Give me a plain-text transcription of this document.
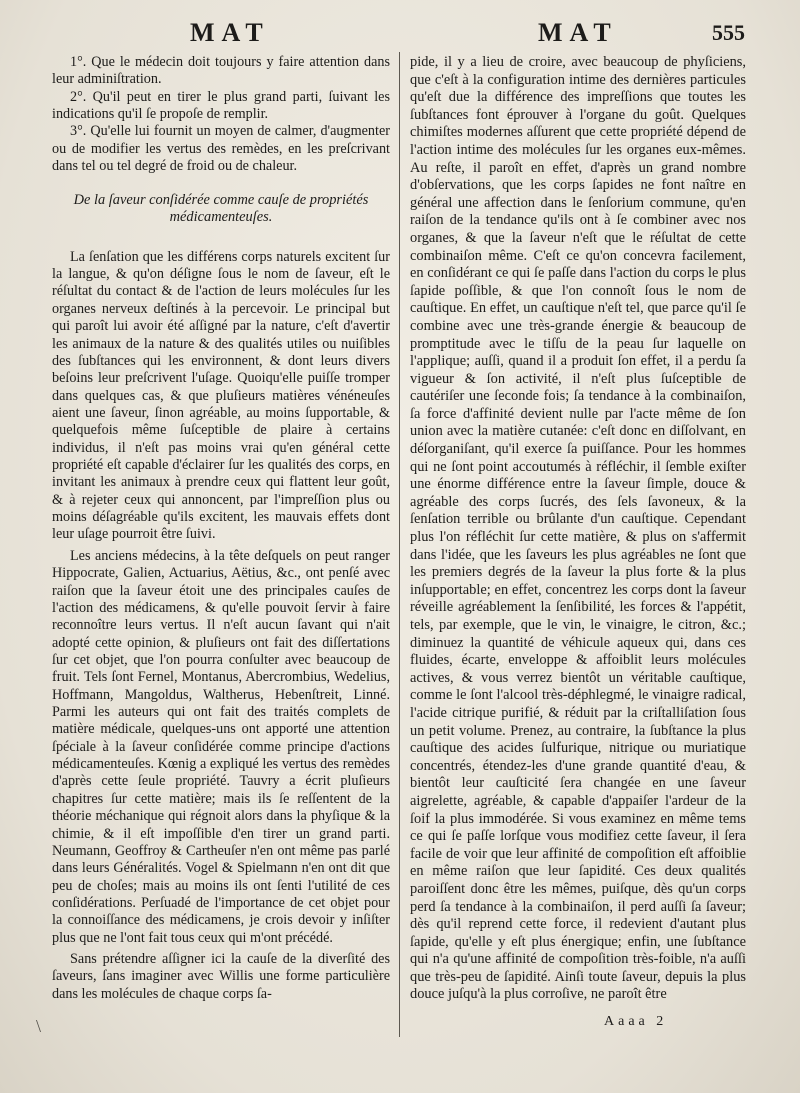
MAT	MAT	555

1°. Que le médecin doit toujours y faire attention dans leur adminiſtration.

2°. Qu'il peut en tirer le plus grand parti, ſuivant les indications qu'il ſe propoſe de remplir.

3°. Qu'elle lui fournit un moyen de calmer, d'augmenter ou de modifier les vertus des remèdes, en les preſcrivant dans tel ou tel degré de froid ou de chaleur.

De la ſaveur conſidérée comme cauſe de propriétés médicamenteuſes.

La ſenſation que les différens corps naturels excitent ſur la langue, & qu'on déſigne ſous le nom de ſaveur, eſt le réſultat du contact & de l'action de leurs molécules ſur les organes nerveux deſtinés à la percevoir. Le principal but qui paroît lui avoir été aſſigné par la nature, c'eſt d'avertir les animaux de la nature & des qualités utiles ou nuiſibles des ſubſtances qui les environnent, & dont leurs divers beſoins leur preſcrivent l'uſage. Quoiqu'elle puiſſe tromper dans quelques cas, & que pluſieurs matières vénéneuſes aient une ſaveur, ſinon agréable, au moins ſupportable, & quelquefois même ſuſceptible de plaire à certains individus, il n'eſt pas moins vrai qu'en général cette propriété eſt capable d'éclairer ſur les qualités des corps, en invitant les animaux à prendre ceux qui flattent leur goût, & à rejeter ceux qui annoncent, par l'impreſſion plus ou moins déſagréable qu'ils excitent, les mauvais effets dont leur uſage pourroit être ſuivi.

Les anciens médecins, à la tête deſquels on peut ranger Hippocrate, Galien, Actuarius, Aëtius, &c., ont penſé avec raiſon que la ſaveur étoit une des principales cauſes de l'action des médicamens, & qu'elle pouvoit ſervir à faire reconnoître leurs vertus. Il n'eſt aucun ſavant qui n'ait adopté cette opinion, & pluſieurs ont fait des diſſertations ſur cet objet, que l'on pourra conſulter avec beaucoup de fruit. Tels ſont Fernel, Montanus, Abercrombius, Wedelius, Hoffmann, Mangoldus, Waltherus, Hebenſtreit, Linné. Parmi les auteurs qui ont fait des traités complets de matière médicale, quelques-uns ont apporté une attention ſpéciale à la ſaveur conſidérée comme principe d'actions médicamenteuſes. Kœnig a expliqué les vertus des remèdes d'après cette ſeule propriété. Tauvry a écrit pluſieurs chapitres ſur cette matière; mais ils ſe reſſentent de la théorie méchanique qui régnoit alors dans la phyſique & la chimie, & il eſt impoſſible d'en tirer un grand parti. Neumann, Geoffroy & Cartheuſer n'en ont même pas parlé dans leurs Généralités. Vogel & Spielmann n'en ont dit que peu de choſes; mais au moins ils ont ſenti l'utilité de ces conſidérations. Perſuadé de l'importance de cet objet pour la connoiſſance des médicamens, je crois devoir y inſiſter plus que ne l'ont fait tous ceux qui m'ont précédé.

Sans prétendre aſſigner ici la cauſe de la diverſité des ſaveurs, ſans imaginer avec Willis une forme particulière dans les molécules de chaque corps ſa-

pide, il y a lieu de croire, avec beaucoup de phyſiciens, que c'eſt à la configuration intime des dernières particules qu'eſt due la différence des impreſſions que toutes les ſubſtances font éprouver à l'organe du goût. Quelques chimiſtes modernes aſſurent que cette propriété dépend de l'action intime des molécules ſur les organes eux-mêmes. Au reſte, il paroît en effet, d'après un grand nombre d'obſervations, que les corps ſapides ne font naître en général une affection dans le ſenſorium commune, qu'en raiſon de la tendance qu'ils ont à ſe combiner avec nos organes, & que la ſaveur n'eſt que le réſultat de cette combinaiſon même. C'eſt ce qu'on concevra facilement, en conſidérant ce qui ſe paſſe dans l'action du corps le plus ſapide poſſible, & que l'on connoît ſous le nom de cauſtique. En effet, un cauſtique n'eſt tel, que parce qu'il ſe combine avec une très-grande énergie & beaucoup de promptitude avec le tiſſu de la peau ſur laquelle on l'applique; auſſi, quand il a produit ſon effet, il a perdu ſa vigueur & ſon activité, il n'eſt plus ſuſceptible de cautériſer une ſeconde fois; ſa tendance à la combinaiſon, ſa force d'affinité devient nulle par l'acte même de ſon union avec la matière cutanée: c'eſt donc en diſſolvant, en déſorganiſant, qu'il exerce ſa puiſſance. Pour les hommes qui ne ſont point accoutumés à réfléchir, il ſemble exiſter une énorme différence entre la ſaveur ſimple, douce & agréable des corps ſucrés, des ſels ſavoneux, & la ſenſation terrible ou brûlante d'un cauſtique. Cependant plus l'on réfléchit ſur cette matière, & plus on s'affermit dans l'idée, que les ſaveurs les plus agréables ne ſont que les premiers degrés de la ſaveur la plus forte & la plus inſupportable; en effet, concentrez les corps dont la ſaveur réveille agréablement la ſenſibilité, les forces & l'appétit, tels, par exemple, que le vin, le vinaigre, le citron, &c.; diminuez la quantité de véhicule aqueux qui, dans ces fluides, écarte, enveloppe & affoiblit leurs molécules actives, & vous verrez bientôt un véritable cauſtique, comme le ſont l'alcool très-déphlegmé, le vinaigre radical, l'acide citrique purifié, & réduit par la criſtalliſation ſous un petit volume. Prenez, au contraire, la ſubſtance la plus cauſtique des acides ſulfurique, nitrique ou muriatique concentrés, étendez-les d'une grande quantité d'eau, & bientôt leur cauſticité ſera changée en une ſaveur aigrelette, agréable, & capable d'appaiſer l'ardeur de la ſoif la plus immodérée. Si vous examinez en même tems ce qui ſe paſſe lorſque vous modifiez cette ſaveur, il ſera facile de voir que leur affinité de compoſition eſt affoiblie en même raiſon que leur ſapidité. Ces deux qualités paroiſſent donc être les mêmes, puiſque, dès qu'un corps perd ſa tendance à la combinaiſon, il perd auſſi ſa ſaveur; dès qu'il reprend cette force, il redevient d'autant plus ſapide, qu'elle y eſt plus énergique; enfin, une ſubſtance qui n'a qu'une affinité de compoſition très-foible, n'a auſſi que très-peu de ſapidité. Ainſi toute ſaveur, depuis la plus douce juſqu'à la plus corroſive, ne paroît être

\	Aaaa 2
